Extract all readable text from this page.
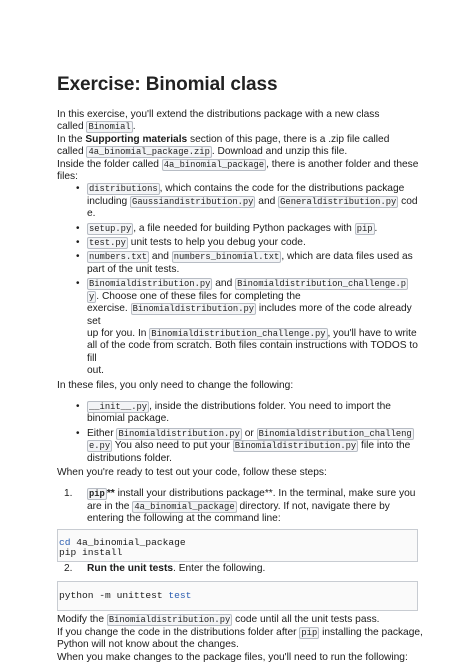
Exercise: Binomial class

In this exercise, you'll extend the distributions package with a new class
called Binomial .
In the Supporting materials section of this page, there is a .zip file called
called 4a_binomial_package.zip . Download and unzip this file.
Inside the folder called 4a_binomial_package , there is another folder and these files:

• distributions , which contains the code for the distributions package
including Gaussiandistribution.py and Generaldistribution.py cod
e.
• setup.py , a file needed for building Python packages with pip .
• test.py unit tests to help you debug your code.
• numbers.txt and numbers_binomial.txt , which are data files used as
part of the unit tests.
• Binomialdistribution.py and Binomialdistribution_challenge.p
y . Choose one of these files for completing the
exercise. Binomialdistribution.py includes more of the code already set
up for you. In Binomialdistribution_challenge.py , you'll have to write
all of the code from scratch. Both files contain instructions with TODOS to fill
out.

In these files, you only need to change the following:

• __init__.py , inside the distributions folder. You need to import the
binomial package.
• Either Binomialdistribution.py or Binomialdistribution_challeng
e.py You also need to put your Binomialdistribution.py file into the
distributions folder.

When you're ready to test out your code, follow these steps:

1. pip ** install your distributions package**. In the terminal, make sure you
are in the 4a_binomial_package directory. If not, navigate there by
entering the following at the command line:
cd 4a_binomial_package
pip install
2. Run the unit tests. Enter the following.
python -m unittest test

Modify the Binomialdistribution.py code until all the unit tests pass.
If you change the code in the distributions folder after pip installing the package,
Python will not know about the changes.
When you make changes to the package files, you'll need to run the following:
